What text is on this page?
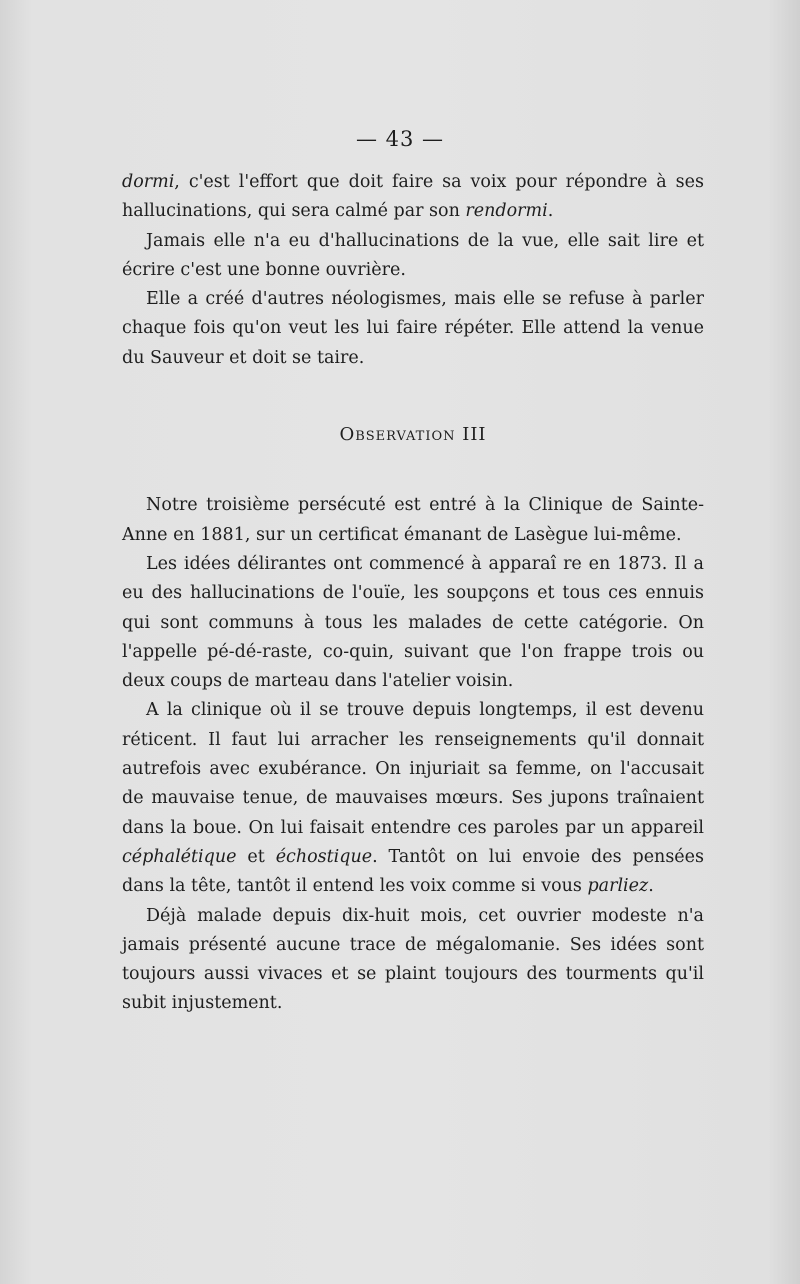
— 43 —

dormi, c'est l'effort que doit faire sa voix pour répondre à ses hallucinations, qui sera calmé par son rendormi.

Jamais elle n'a eu d'hallucinations de la vue, elle sait lire et écrire c'est une bonne ouvrière.

Elle a créé d'autres néologismes, mais elle se refuse à parler chaque fois qu'on veut les lui faire répéter. Elle attend la venue du Sauveur et doit se taire.

Observation III

Notre troisième persécuté est entré à la Clinique de Sainte-Anne en 1881, sur un certificat émanant de Lasègue lui-même.

Les idées délirantes ont commencé à apparaî re en 1873. Il a eu des hallucinations de l'ouïe, les soupçons et tous ces ennuis qui sont communs à tous les malades de cette catégorie. On l'appelle pé-dé-raste, co-quin, suivant que l'on frappe trois ou deux coups de marteau dans l'atelier voisin.

A la clinique où il se trouve depuis longtemps, il est devenu réticent. Il faut lui arracher les renseignements qu'il donnait autrefois avec exubérance. On injuriait sa femme, on l'accusait de mauvaise tenue, de mauvaises mœurs. Ses jupons traînaient dans la boue. On lui faisait entendre ces paroles par un appareil céphalétique et échostique. Tantôt on lui envoie des pensées dans la tête, tantôt il entend les voix comme si vous parliez.

Déjà malade depuis dix-huit mois, cet ouvrier modeste n'a jamais présenté aucune trace de mégalomanie. Ses idées sont toujours aussi vivaces et se plaint toujours des tourments qu'il subit injustement.
